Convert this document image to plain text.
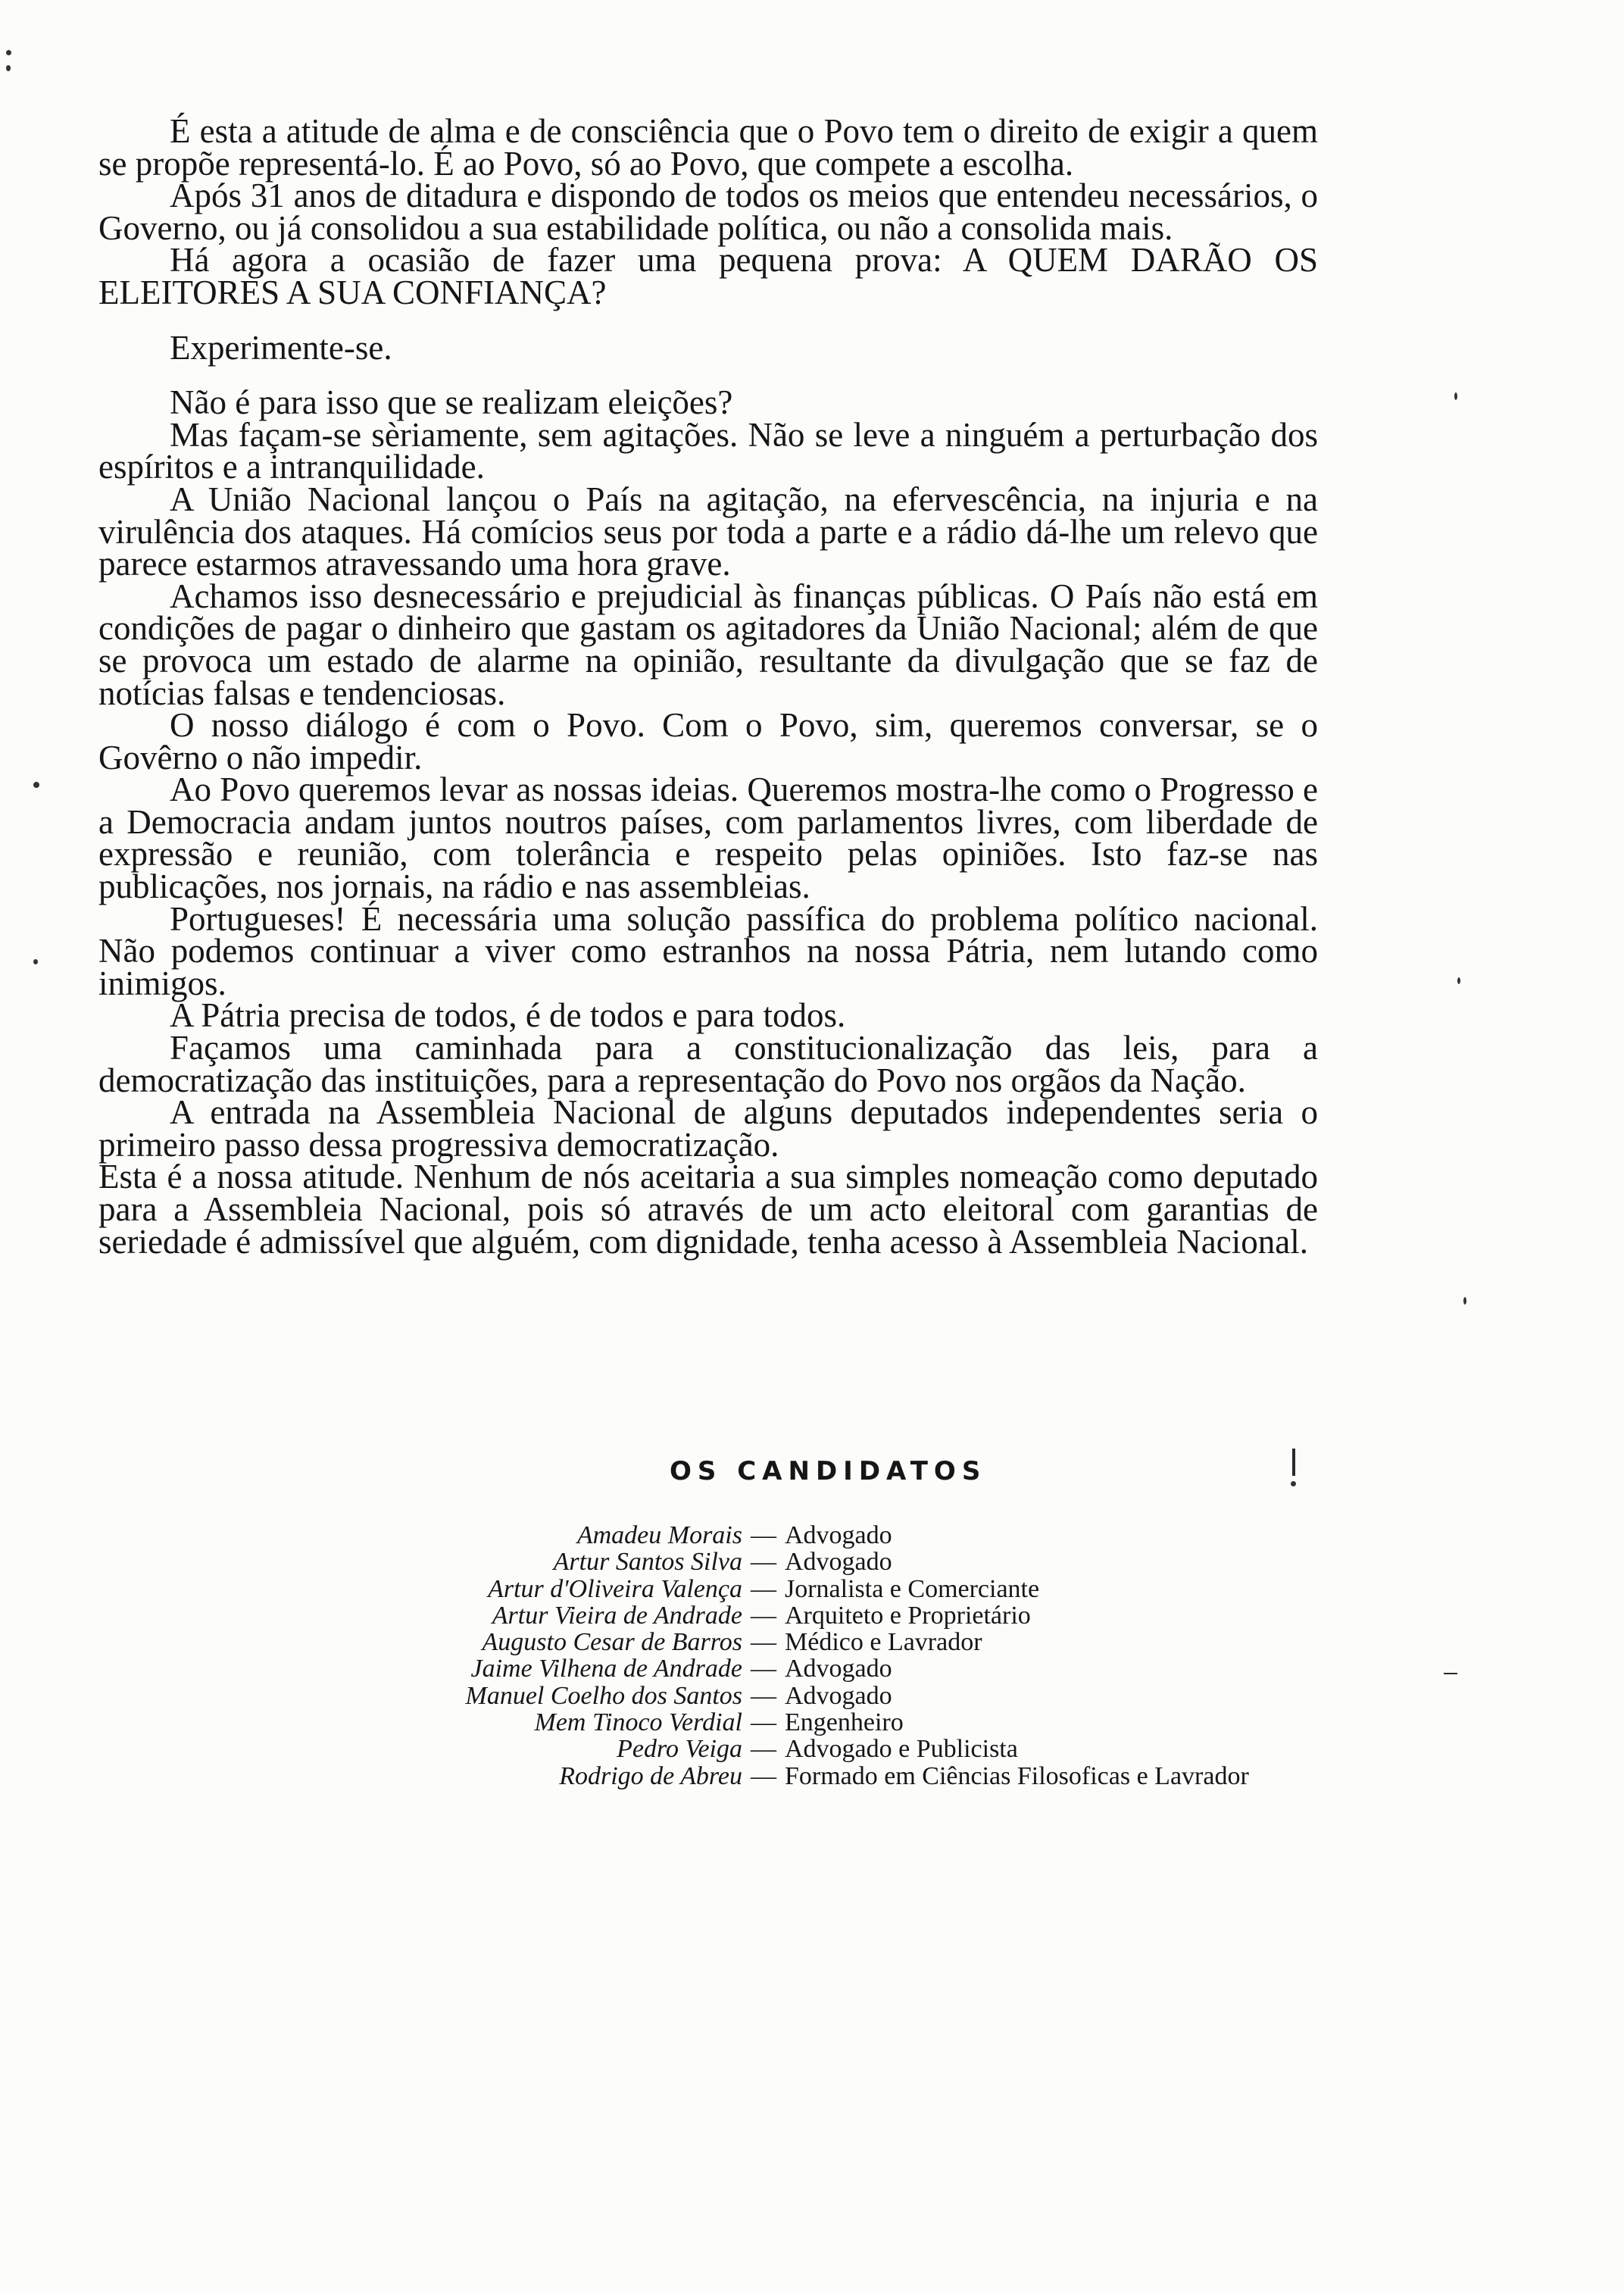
É esta a atitude de alma e de consciência que o Povo tem o direito de exigir a quem se propõe representá-lo. É ao Povo, só ao Povo, que compete a escolha.

Após 31 anos de ditadura e dispondo de todos os meios que entendeu necessários, o Governo, ou já consolidou a sua estabilidade política, ou não a consolida mais.

Há agora a ocasião de fazer uma pequena prova: A QUEM DARÃO OS ELEITORES A SUA CONFIANÇA?

Experimente-se.

Não é para isso que se realizam eleições?

Mas façam-se sèriamente, sem agitações. Não se leve a ninguém a perturbação dos espíritos e a intranquilidade.

A União Nacional lançou o País na agitação, na efervescência, na injuria e na virulência dos ataques. Há comícios seus por toda a parte e a rádio dá-lhe um relevo que parece estarmos atravessando uma hora grave.

Achamos isso desnecessário e prejudicial às finanças públicas. O País não está em condições de pagar o dinheiro que gastam os agitadores da União Nacional; além de que se provoca um estado de alarme na opinião, resultante da divulgação que se faz de notícias falsas e tendenciosas.

O nosso diálogo é com o Povo. Com o Povo, sim, queremos conversar, se o Govêrno o não impedir.

Ao Povo queremos levar as nossas ideias. Queremos mostra-lhe como o Progresso e a Democracia andam juntos noutros países, com parlamentos livres, com liberdade de expressão e reunião, com tolerância e respeito pelas opiniões. Isto faz-se nas publicações, nos jornais, na rádio e nas assembleias.

Portugueses! É necessária uma solução passífica do problema político nacional. Não podemos continuar a viver como estranhos na nossa Pátria, nem lutando como inimigos.

A Pátria precisa de todos, é de todos e para todos.

Façamos uma caminhada para a constitucionalização das leis, para a democratização das instituições, para a representação do Povo nos orgãos da Nação.

A entrada na Assembleia Nacional de alguns deputados independentes seria o primeiro passo dessa progressiva democratização.

Esta é a nossa atitude. Nenhum de nós aceitaria a sua simples nomeação como deputado para a Assembleia Nacional, pois só através de um acto eleitoral com garantias de seriedade é admissível que alguém, com dignidade, tenha acesso à Assembleia Nacional.

OS CANDIDATOS
Amadeu Morais — Advogado
Artur Santos Silva — Advogado
Artur d'Oliveira Valença — Jornalista e Comerciante
Artur Vieira de Andrade — Arquiteto e Proprietário
Augusto Cesar de Barros — Médico e Lavrador
Jaime Vilhena de Andrade — Advogado
Manuel Coelho dos Santos — Advogado
Mem Tinoco Verdial — Engenheiro
Pedro Veiga — Advogado e Publicista
Rodrigo de Abreu — Formado em Ciências Filosoficas e Lavrador
